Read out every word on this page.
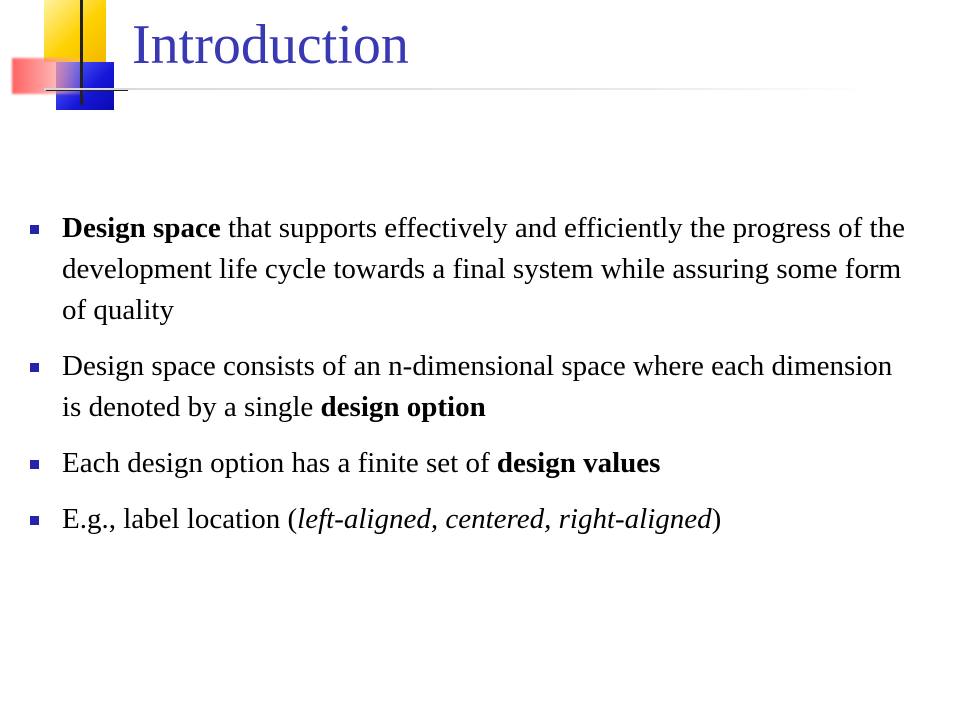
Introduction
Design space that supports effectively and efficiently the progress of the development life cycle towards a final system while assuring some form of quality
Design space consists of an n-dimensional space where each dimension is denoted by a single design option
Each design option has a finite set of design values
E.g., label location (left-aligned, centered, right-aligned)
